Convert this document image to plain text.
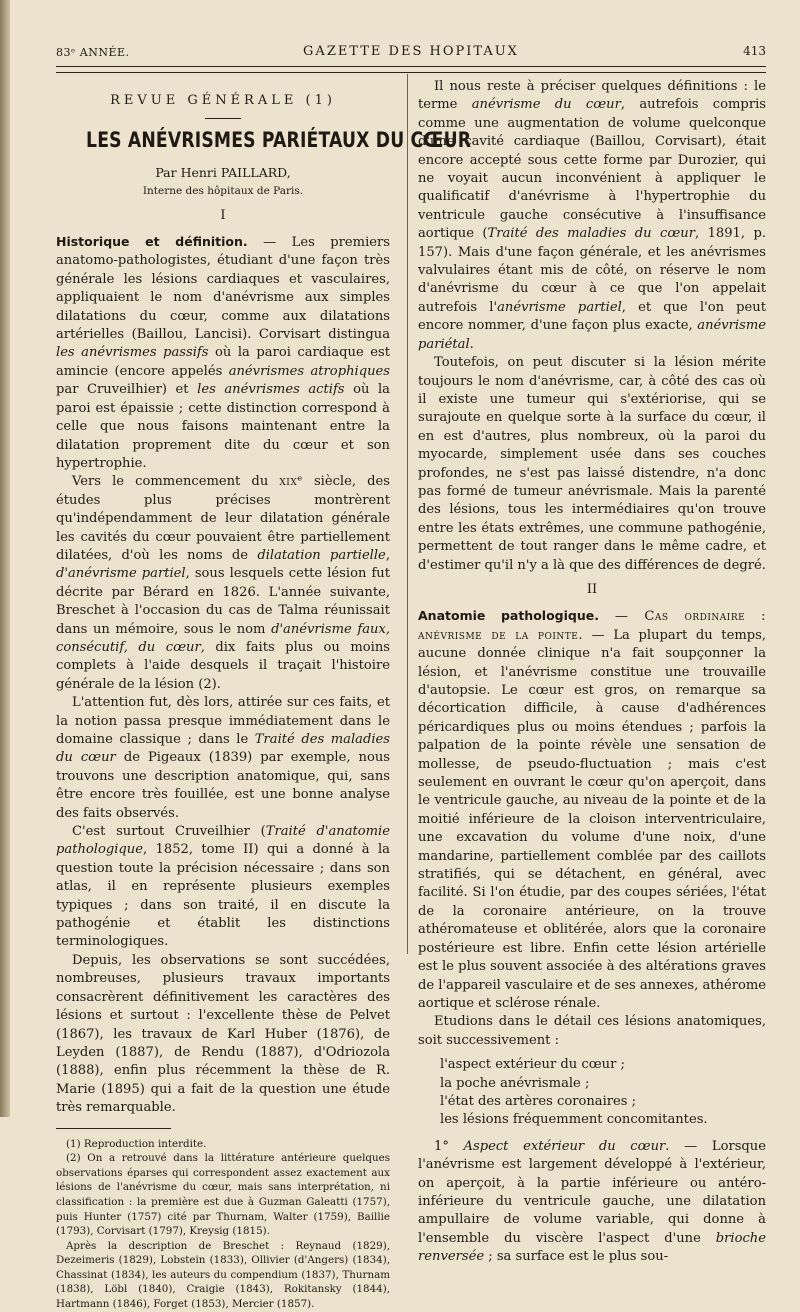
83ᵉ ANNÉE.	GAZETTE DES HOPITAUX	413
REVUE GÉNÉRALE (1)
LES ANÉVRISMES PARIÉTAUX DU CŒUR

Par Henri PAILLARD,

Interne des hôpitaux de Paris.

I

Historique et définition. — Les premiers anatomo-pathologistes, étudiant d'une façon très générale les lésions cardiaques et vasculaires, appliquaient le nom d'anévrisme aux simples dilatations du cœur, comme aux dilatations artérielles (Baillou, Lancisi). Corvisart distingua les anévrismes passifs où la paroi cardiaque est amincie (encore appelés anévrismes atrophiques par Cruveilhier) et les anévrismes actifs où la paroi est épaissie ; cette distinction correspond à celle que nous faisons maintenant entre la dilatation proprement dite du cœur et son hypertrophie.

Vers le commencement du xixᵉ siècle, des études plus précises montrèrent qu'indépendamment de leur dilatation générale les cavités du cœur pouvaient être partiellement dilatées, d'où les noms de dilatation partielle, d'anévrisme partiel, sous lesquels cette lésion fut décrite par Bérard en 1826. L'année suivante, Breschet à l'occasion du cas de Talma réunissait dans un mémoire, sous le nom d'anévrisme faux, consécutif, du cœur, dix faits plus ou moins complets à l'aide desquels il traçait l'histoire générale de la lésion (2).

L'attention fut, dès lors, attirée sur ces faits, et la notion passa presque immédiatement dans le domaine classique ; dans le Traité des maladies du cœur de Pigeaux (1839) par exemple, nous trouvons une description anatomique, qui, sans être encore très fouillée, est une bonne analyse des faits observés.

C'est surtout Cruveilhier (Traité d'anatomie pathologique, 1852, tome II) qui a donné à la question toute la précision nécessaire ; dans son atlas, il en représente plusieurs exemples typiques ; dans son traité, il en discute la pathogénie et établit les distinctions terminologiques.

Depuis, les observations se sont succédées, nombreuses, plusieurs travaux importants consacrèrent définitivement les caractères des lésions et surtout : l'excellente thèse de Pelvet (1867), les travaux de Karl Huber (1876), de Leyden (1887), de Rendu (1887), d'Odriozola (1888), enfin plus récemment la thèse de R. Marie (1895) qui a fait de la question une étude très remarquable.

(1) Reproduction interdite.

(2) On a retrouvé dans la littérature antérieure quelques observations éparses qui correspondent assez exactement aux lésions de l'anévrisme du cœur, mais sans interprétation, ni classification : la première est due à Guzman Galeatti (1757), puis Hunter (1757) cité par Thurnam, Walter (1759), Baillie (1793), Corvisart (1797), Kreysig (1815).

Après la description de Breschet : Reynaud (1829), Dezeimeris (1829), Lobstein (1833), Ollivier (d'Angers) (1834), Chassinat (1834), les auteurs du compendium (1837), Thurnam (1838), Löbl (1840), Craigie (1843), Rokitansky (1844), Hartmann (1846), Forget (1853), Mercier (1857).

Il nous reste à préciser quelques définitions : le terme anévrisme du cœur, autrefois compris comme une augmentation de volume quelconque d'une cavité cardiaque (Baillou, Corvisart), était encore accepté sous cette forme par Durozier, qui ne voyait aucun inconvénient à appliquer le qualificatif d'anévrisme à l'hypertrophie du ventricule gauche consécutive à l'insuffisance aortique (Traité des maladies du cœur, 1891, p. 157). Mais d'une façon générale, et les anévrismes valvulaires étant mis de côté, on réserve le nom d'anévrisme du cœur à ce que l'on appelait autrefois l'anévrisme partiel, et que l'on peut encore nommer, d'une façon plus exacte, anévrisme pariétal.

Toutefois, on peut discuter si la lésion mérite toujours le nom d'anévrisme, car, à côté des cas où il existe une tumeur qui s'extériorise, qui se surajoute en quelque sorte à la surface du cœur, il en est d'autres, plus nombreux, où la paroi du myocarde, simplement usée dans ses couches profondes, ne s'est pas laissé distendre, n'a donc pas formé de tumeur anévrismale. Mais la parenté des lésions, tous les intermédiaires qu'on trouve entre les états extrêmes, une commune pathogénie, permettent de tout ranger dans le même cadre, et d'estimer qu'il n'y a là que des différences de degré.

II

Anatomie pathologique. — Cas ordinaire : anévrisme de la pointe. — La plupart du temps, aucune donnée clinique n'a fait soupçonner la lésion, et l'anévrisme constitue une trouvaille d'autopsie. Le cœur est gros, on remarque sa décortication difficile, à cause d'adhérences péricardiques plus ou moins étendues ; parfois la palpation de la pointe révèle une sensation de mollesse, de pseudo-fluctuation ; mais c'est seulement en ouvrant le cœur qu'on aperçoit, dans le ventricule gauche, au niveau de la pointe et de la moitié inférieure de la cloison interventriculaire, une excavation du volume d'une noix, d'une mandarine, partiellement comblée par des caillots stratifiés, qui se détachent, en général, avec facilité. Si l'on étudie, par des coupes sériées, l'état de la coronaire antérieure, on la trouve athéromateuse et oblitérée, alors que la coronaire postérieure est libre. Enfin cette lésion artérielle est le plus souvent associée à des altérations graves de l'appareil vasculaire et de ses annexes, athérome aortique et sclérose rénale.

Etudions dans le détail ces lésions anatomiques, soit successivement :

l'aspect extérieur du cœur ;
la poche anévrismale ;
l'état des artères coronaires ;
les lésions fréquemment concomitantes.

1° Aspect extérieur du cœur. — Lorsque l'anévrisme est largement développé à l'extérieur, on aperçoit, à la partie inférieure ou antéro-inférieure du ventricule gauche, une dilatation ampullaire de volume variable, qui donne à l'ensemble du viscère l'aspect d'une brioche renversée ; sa surface est le plus sou-
